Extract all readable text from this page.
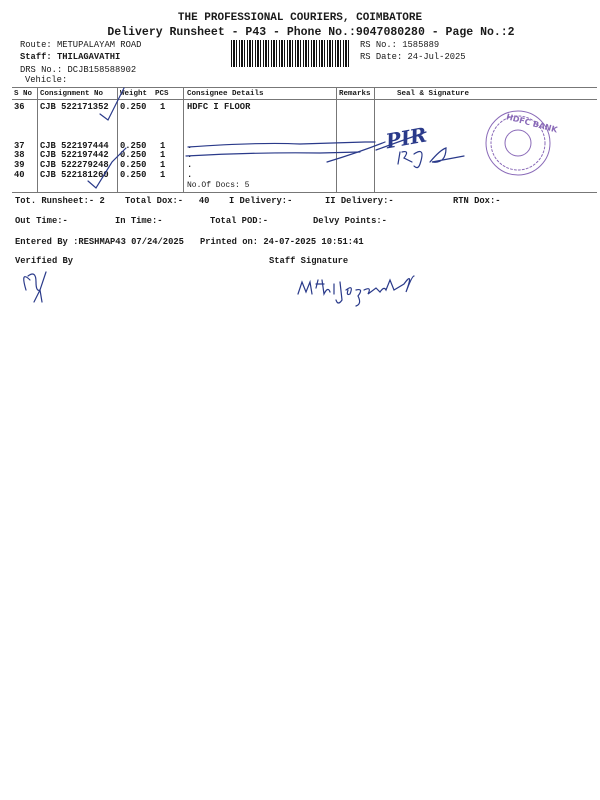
THE PROFESSIONAL COURIERS, COIMBATORE
Delivery Runsheet - P43 - Phone No.:9047080280 - Page No.:2
Route: METUPALAYAM ROAD
Staff: THILAGAVATHI
DRS No.: DCJB158588902
Vehicle:
RS No.: 1585889
RS Date: 24-Jul-2025
S No Consignment No Weight PCS Consignee Details	Remarks	Seal & Signature
36 CJB 522171352 0.250 1 HDFC I FLOOR
37 CJB 522197444 0.250 1 .
38 CJB 522197442 0.250 1 .
39 CJB 522279248 0.250 1 .
40 CJB 522181260 0.250 1 .
No.Of Docs: 5
Tot. Runsheet:- 2 Total Dox:-   40 I Delivery:-	II Delivery:-	RTN Dox:-
Out Time:-	In Time:-	Total POD:-	Delvy Points:-
Entered By :RESHMAP43 07/24/2025 Printed on: 24-07-2025 10:51:41
Verified By	Staff Signature
PIR	HDFC BANK
